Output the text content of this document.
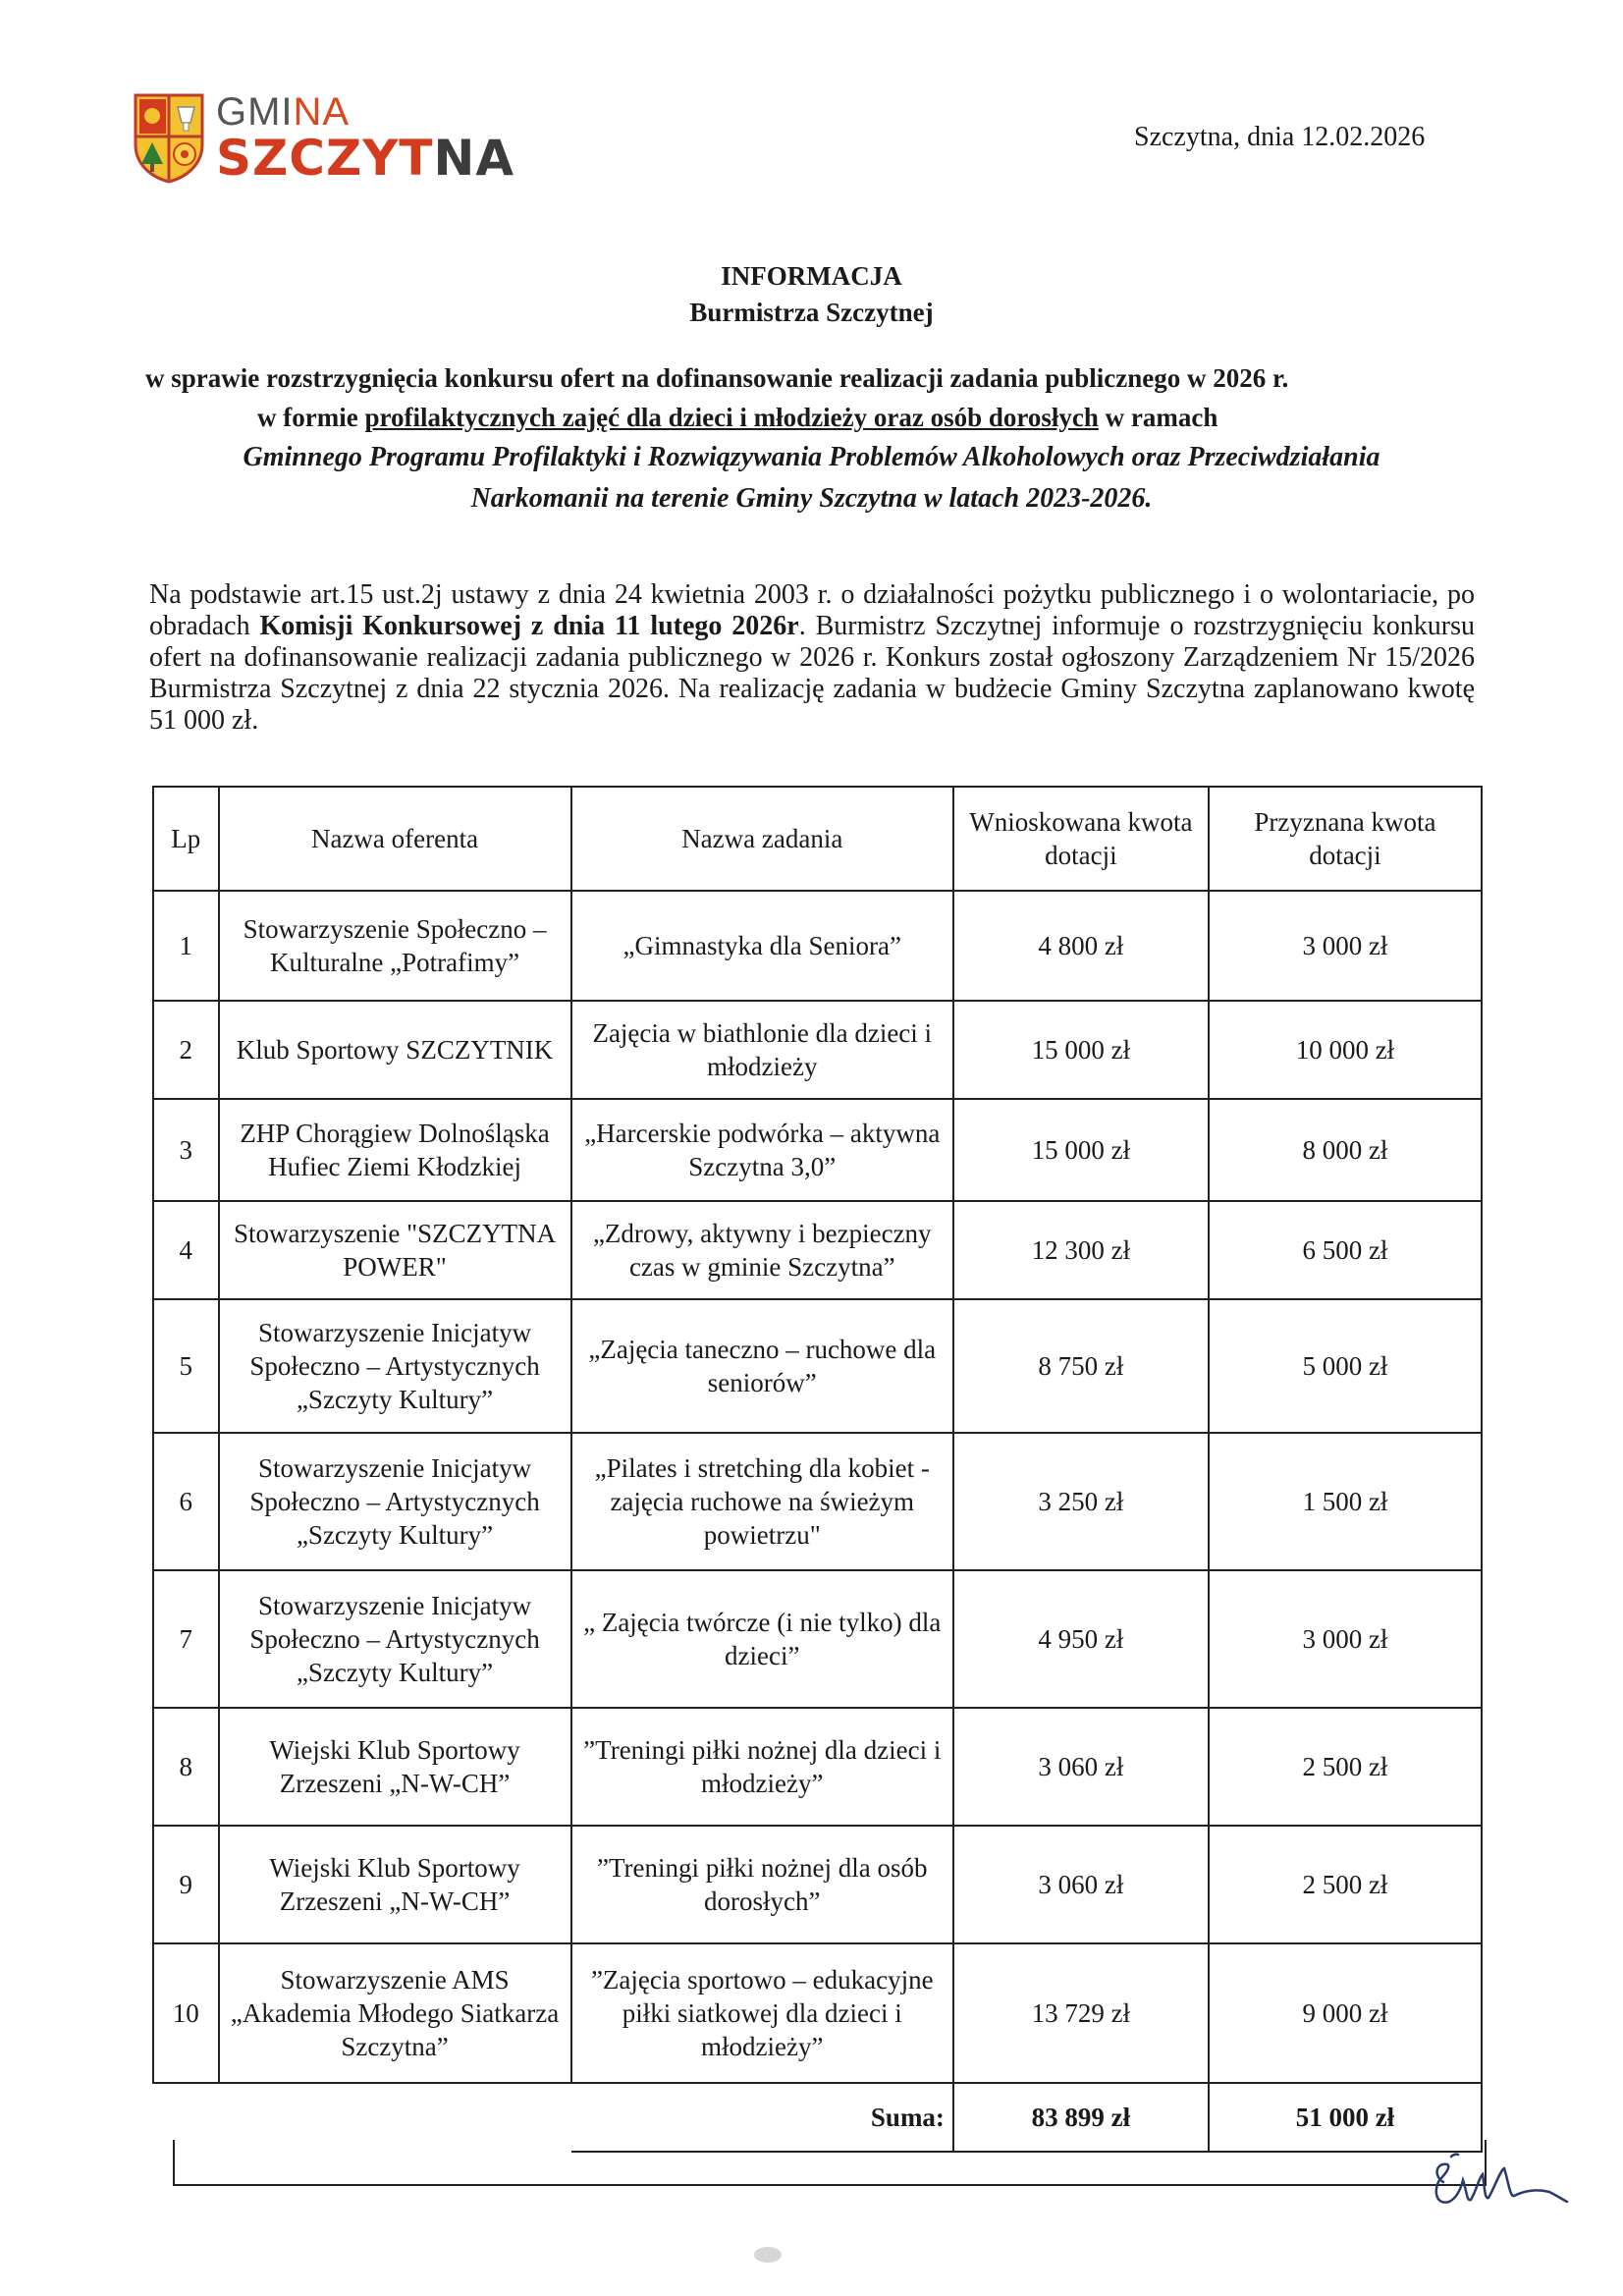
GMINA
SZCZYTNA	Szczytna, dnia 12.02.2026
INFORMACJA
Burmistrza Szczytnej
w sprawie rozstrzygnięcia konkursu ofert na dofinansowanie realizacji zadania publicznego w 2026 r.
w formie profilaktycznych zajęć dla dzieci i młodzieży oraz osób dorosłych w ramach
Gminnego Programu Profilaktyki i Rozwiązywania Problemów Alkoholowych oraz Przeciwdziałania
Narkomanii na terenie Gminy Szczytna w latach 2023-2026.
Na podstawie art.15 ust.2j ustawy z dnia 24 kwietnia 2003 r. o działalności pożytku publicznego i o wolontariacie, po obradach Komisji Konkursowej z dnia 11 lutego 2026r. Burmistrz Szczytnej informuje o rozstrzygnięciu konkursu ofert na dofinansowanie realizacji zadania publicznego w 2026 r. Konkurs został ogłoszony Zarządzeniem Nr 15/2026 Burmistrza Szczytnej z dnia 22 stycznia 2026. Na realizację zadania w budżecie Gminy Szczytna zaplanowano kwotę 51 000 zł.
Lp	Nazwa oferenta	Nazwa zadania	Wnioskowana kwota dotacji	Przyznana kwota dotacji
1	Stowarzyszenie Społeczno – Kulturalne „Potrafimy”	„Gimnastyka dla Seniora”	4 800 zł	3 000 zł
2	Klub Sportowy SZCZYTNIK	Zajęcia w biathlonie dla dzieci i młodzieży	15 000 zł	10 000 zł
3	ZHP Chorągiew Dolnośląska Hufiec Ziemi Kłodzkiej	„Harcerskie podwórka – aktywna Szczytna 3,0”	15 000 zł	8 000 zł
4	Stowarzyszenie "SZCZYTNA POWER"	„Zdrowy, aktywny i bezpieczny czas w gminie Szczytna”	12 300 zł	6 500 zł
5	Stowarzyszenie Inicjatyw Społeczno – Artystycznych „Szczyty Kultury”	„Zajęcia taneczno – ruchowe dla seniorów”	8 750 zł	5 000 zł
6	Stowarzyszenie Inicjatyw Społeczno – Artystycznych „Szczyty Kultury”	„Pilates i stretching dla kobiet - zajęcia ruchowe na świeżym powietrzu"	3 250 zł	1 500 zł
7	Stowarzyszenie Inicjatyw Społeczno – Artystycznych „Szczyty Kultury”	„ Zajęcia twórcze (i nie tylko) dla dzieci”	4 950 zł	3 000 zł
8	Wiejski Klub Sportowy Zrzeszeni „N-W-CH”	”Treningi piłki nożnej dla dzieci i młodzieży”	3 060 zł	2 500 zł
9	Wiejski Klub Sportowy Zrzeszeni „N-W-CH”	”Treningi piłki nożnej dla osób dorosłych”	3 060 zł	2 500 zł
10	Stowarzyszenie AMS „Akademia Młodego Siatkarza Szczytna”	”Zajęcia sportowo – edukacyjne piłki siatkowej dla dzieci i młodzieży”	13 729 zł	9 000 zł
		Suma:	83 899 zł	51 000 zł
